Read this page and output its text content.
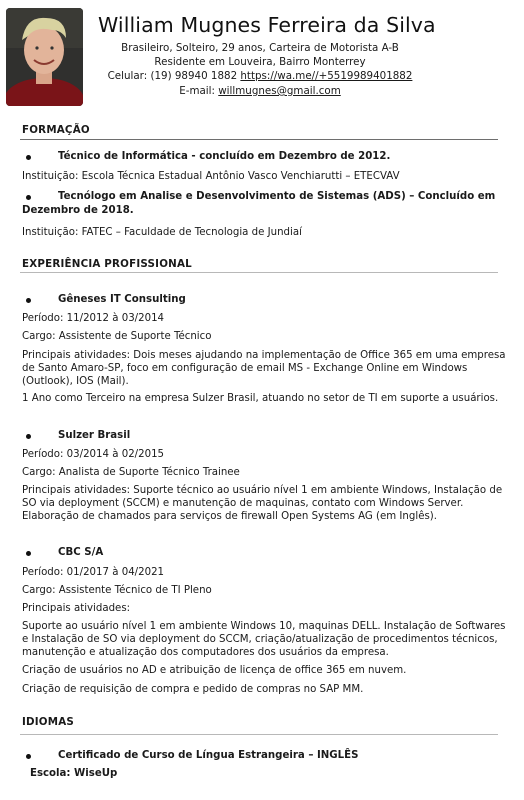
William Mugnes Ferreira da Silva
Brasileiro, Solteiro, 29 anos, Carteira de Motorista A-B
Residente em Louveira, Bairro Monterrey
Celular: (19) 98940 1882 https://wa.me//+5519989401882
E-mail: willmugnes@gmail.com
FORMAÇÃO
Técnico de Informática - concluído em Dezembro de 2012.
Instituição: Escola Técnica Estadual Antônio Vasco Venchiarutti – ETECVAV
Tecnólogo em Analise e Desenvolvimento de Sistemas (ADS) – Concluído em
Dezembro de 2018.
Instituição: FATEC – Faculdade de Tecnologia de Jundiaí
EXPERIÊNCIA PROFISSIONAL
Gêneses IT Consulting
Período: 11/2012 à 03/2014
Cargo: Assistente de Suporte Técnico
Principais atividades: Dois meses ajudando na implementação de Office 365 em uma empresa
de Santo Amaro-SP, foco em configuração de email MS - Exchange Online em Windows
(Outlook), IOS (Mail).
1 Ano como Terceiro na empresa Sulzer Brasil, atuando no setor de TI em suporte a usuários.
Sulzer Brasil
Período: 03/2014 à 02/2015
Cargo: Analista de Suporte Técnico Trainee
Principais atividades: Suporte técnico ao usuário nível 1 em ambiente Windows, Instalação de
SO via deployment (SCCM) e manutenção de maquinas, contato com Windows Server.
Elaboração de chamados para serviços de firewall Open Systems AG (em Inglês).
CBC S/A
Período: 01/2017 à 04/2021
Cargo: Assistente Técnico de TI Pleno
Principais atividades:
Suporte ao usuário nível 1 em ambiente Windows 10, maquinas DELL. Instalação de Softwares
e Instalação de SO via deployment do SCCM, criação/atualização de procedimentos técnicos,
manutenção e atualização dos computadores dos usuários da empresa.
Criação de usuários no AD e atribuição de licença de office 365 em nuvem.
Criação de requisição de compra e pedido de compras no SAP MM.
IDIOMAS
Certificado de Curso de Língua Estrangeira – INGLÊS
Escola: WiseUp
